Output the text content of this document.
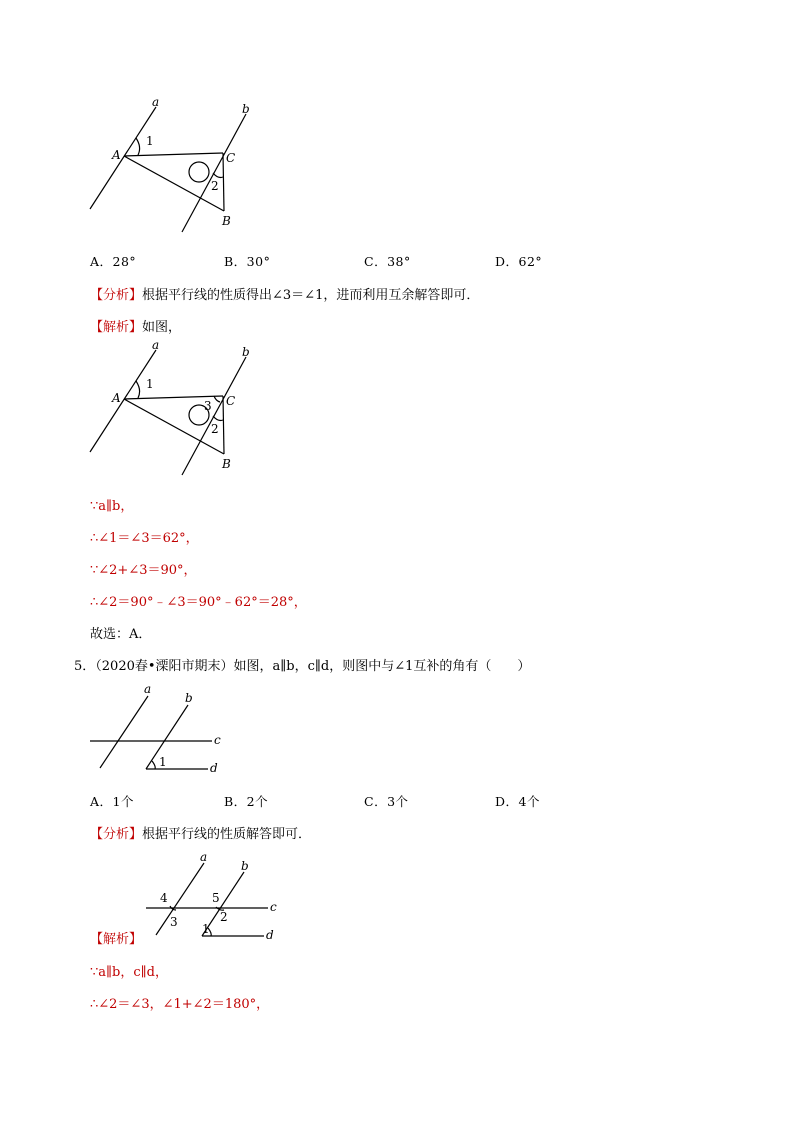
a	b
A	C
B
1
2
A．28°	B．30°	C．38°	D．62°
【分析】根据平行线的性质得出∠3＝∠1，进而利用互余解答即可．
【解析】如图，
a	b
A	C
B
1
2
3
∵a∥b，
∴∠1＝∠3＝62°，
∵∠2+∠3＝90°，
∴∠2＝90°﹣∠3＝90°﹣62°＝28°，
故选：A．
5．（2020春•溧阳市期末）如图，a∥b，c∥d，则图中与∠1互补的角有（　　）
a
b
c
d
1
A．1个	B．2个	C．3个	D．4个
【分析】根据平行线的性质解答即可．
a
b
c
d
1
2
3
4	5
【解析】
∵a∥b，c∥d，
∴∠2＝∠3，∠1+∠2＝180°，
